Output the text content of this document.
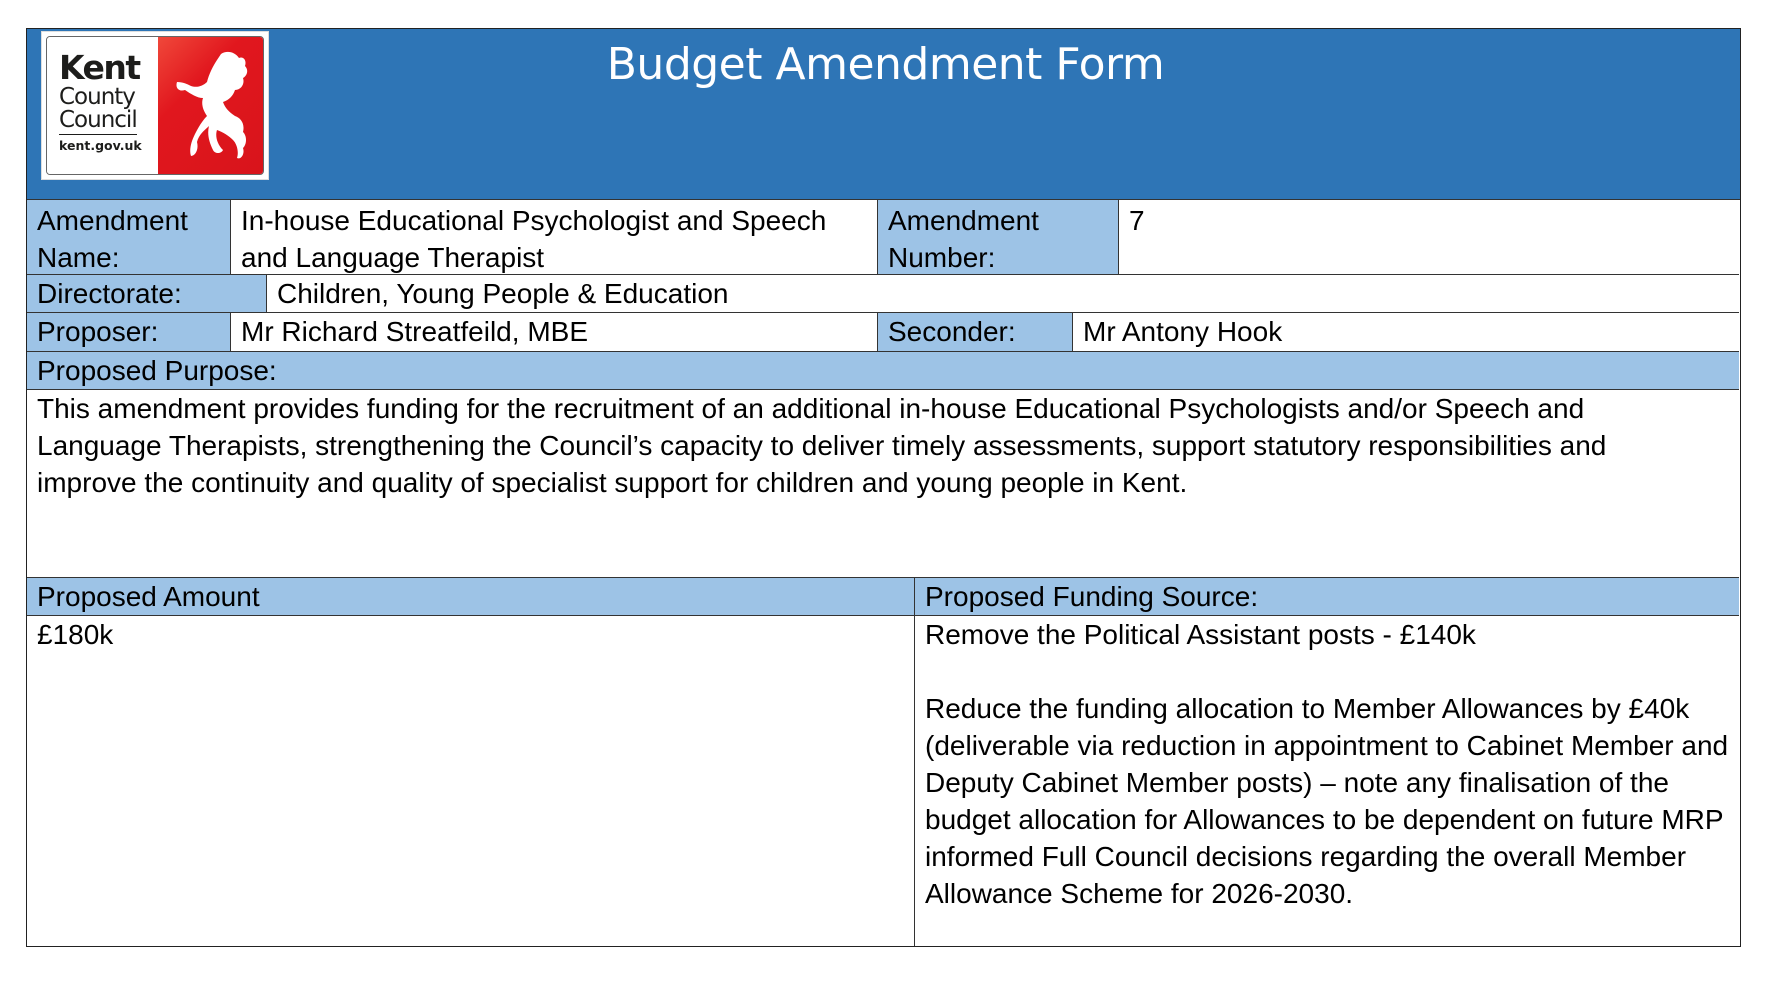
Kent
County
Council
kent.gov.uk
Budget Amendment Form
Amendment Name:
In-house Educational Psychologist and Speech and Language Therapist
Amendment Number:
7
Directorate:	Children, Young People & Education
Proposer:	Mr Richard Streatfeild, MBE	Seconder:	Mr Antony Hook
Proposed Purpose:
This amendment provides funding for the recruitment of an additional in-house Educational Psychologists and/or Speech and Language Therapists, strengthening the Council’s capacity to deliver timely assessments, support statutory responsibilities and improve the continuity and quality of specialist support for children and young people in Kent.
Proposed Amount	Proposed Funding Source:
£180k	Remove the Political Assistant posts - £140k

Reduce the funding allocation to Member Allowances by £40k (deliverable via reduction in appointment to Cabinet Member and Deputy Cabinet Member posts) – note any finalisation of the budget allocation for Allowances to be dependent on future MRP informed Full Council decisions regarding the overall Member Allowance Scheme for 2026-2030.
